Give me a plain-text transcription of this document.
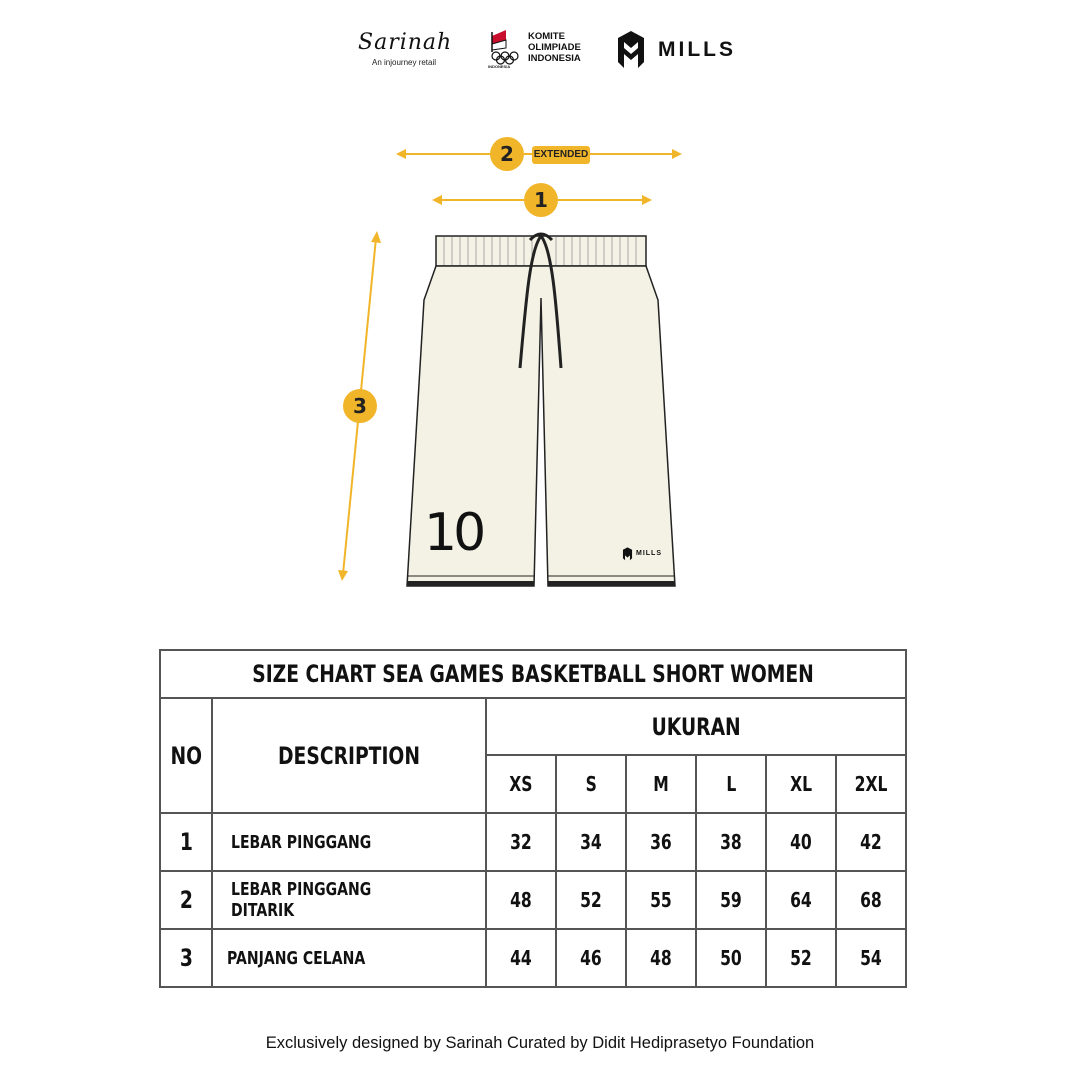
Sarinah
An injourney retail
KOMITE
OLIMPIADE
INDONESIA
INDONESIA
MILLS
2	EXTENDED
1
3
10	MILLS
SIZE CHART SEA GAMES BASKETBALL SHORT WOMEN							
NO	DESCRIPTION	UKURAN					
		XS	S	M	L	XL	2XL
1	LEBAR PINGGANG	32	34	36	38	40	42
2	LEBAR PINGGANG DITARIK	48	52	55	59	64	68
3	PANJANG CELANA	44	46	48	50	52	54
Exclusively designed by Sarinah Curated by Didit Hediprasetyo Foundation
